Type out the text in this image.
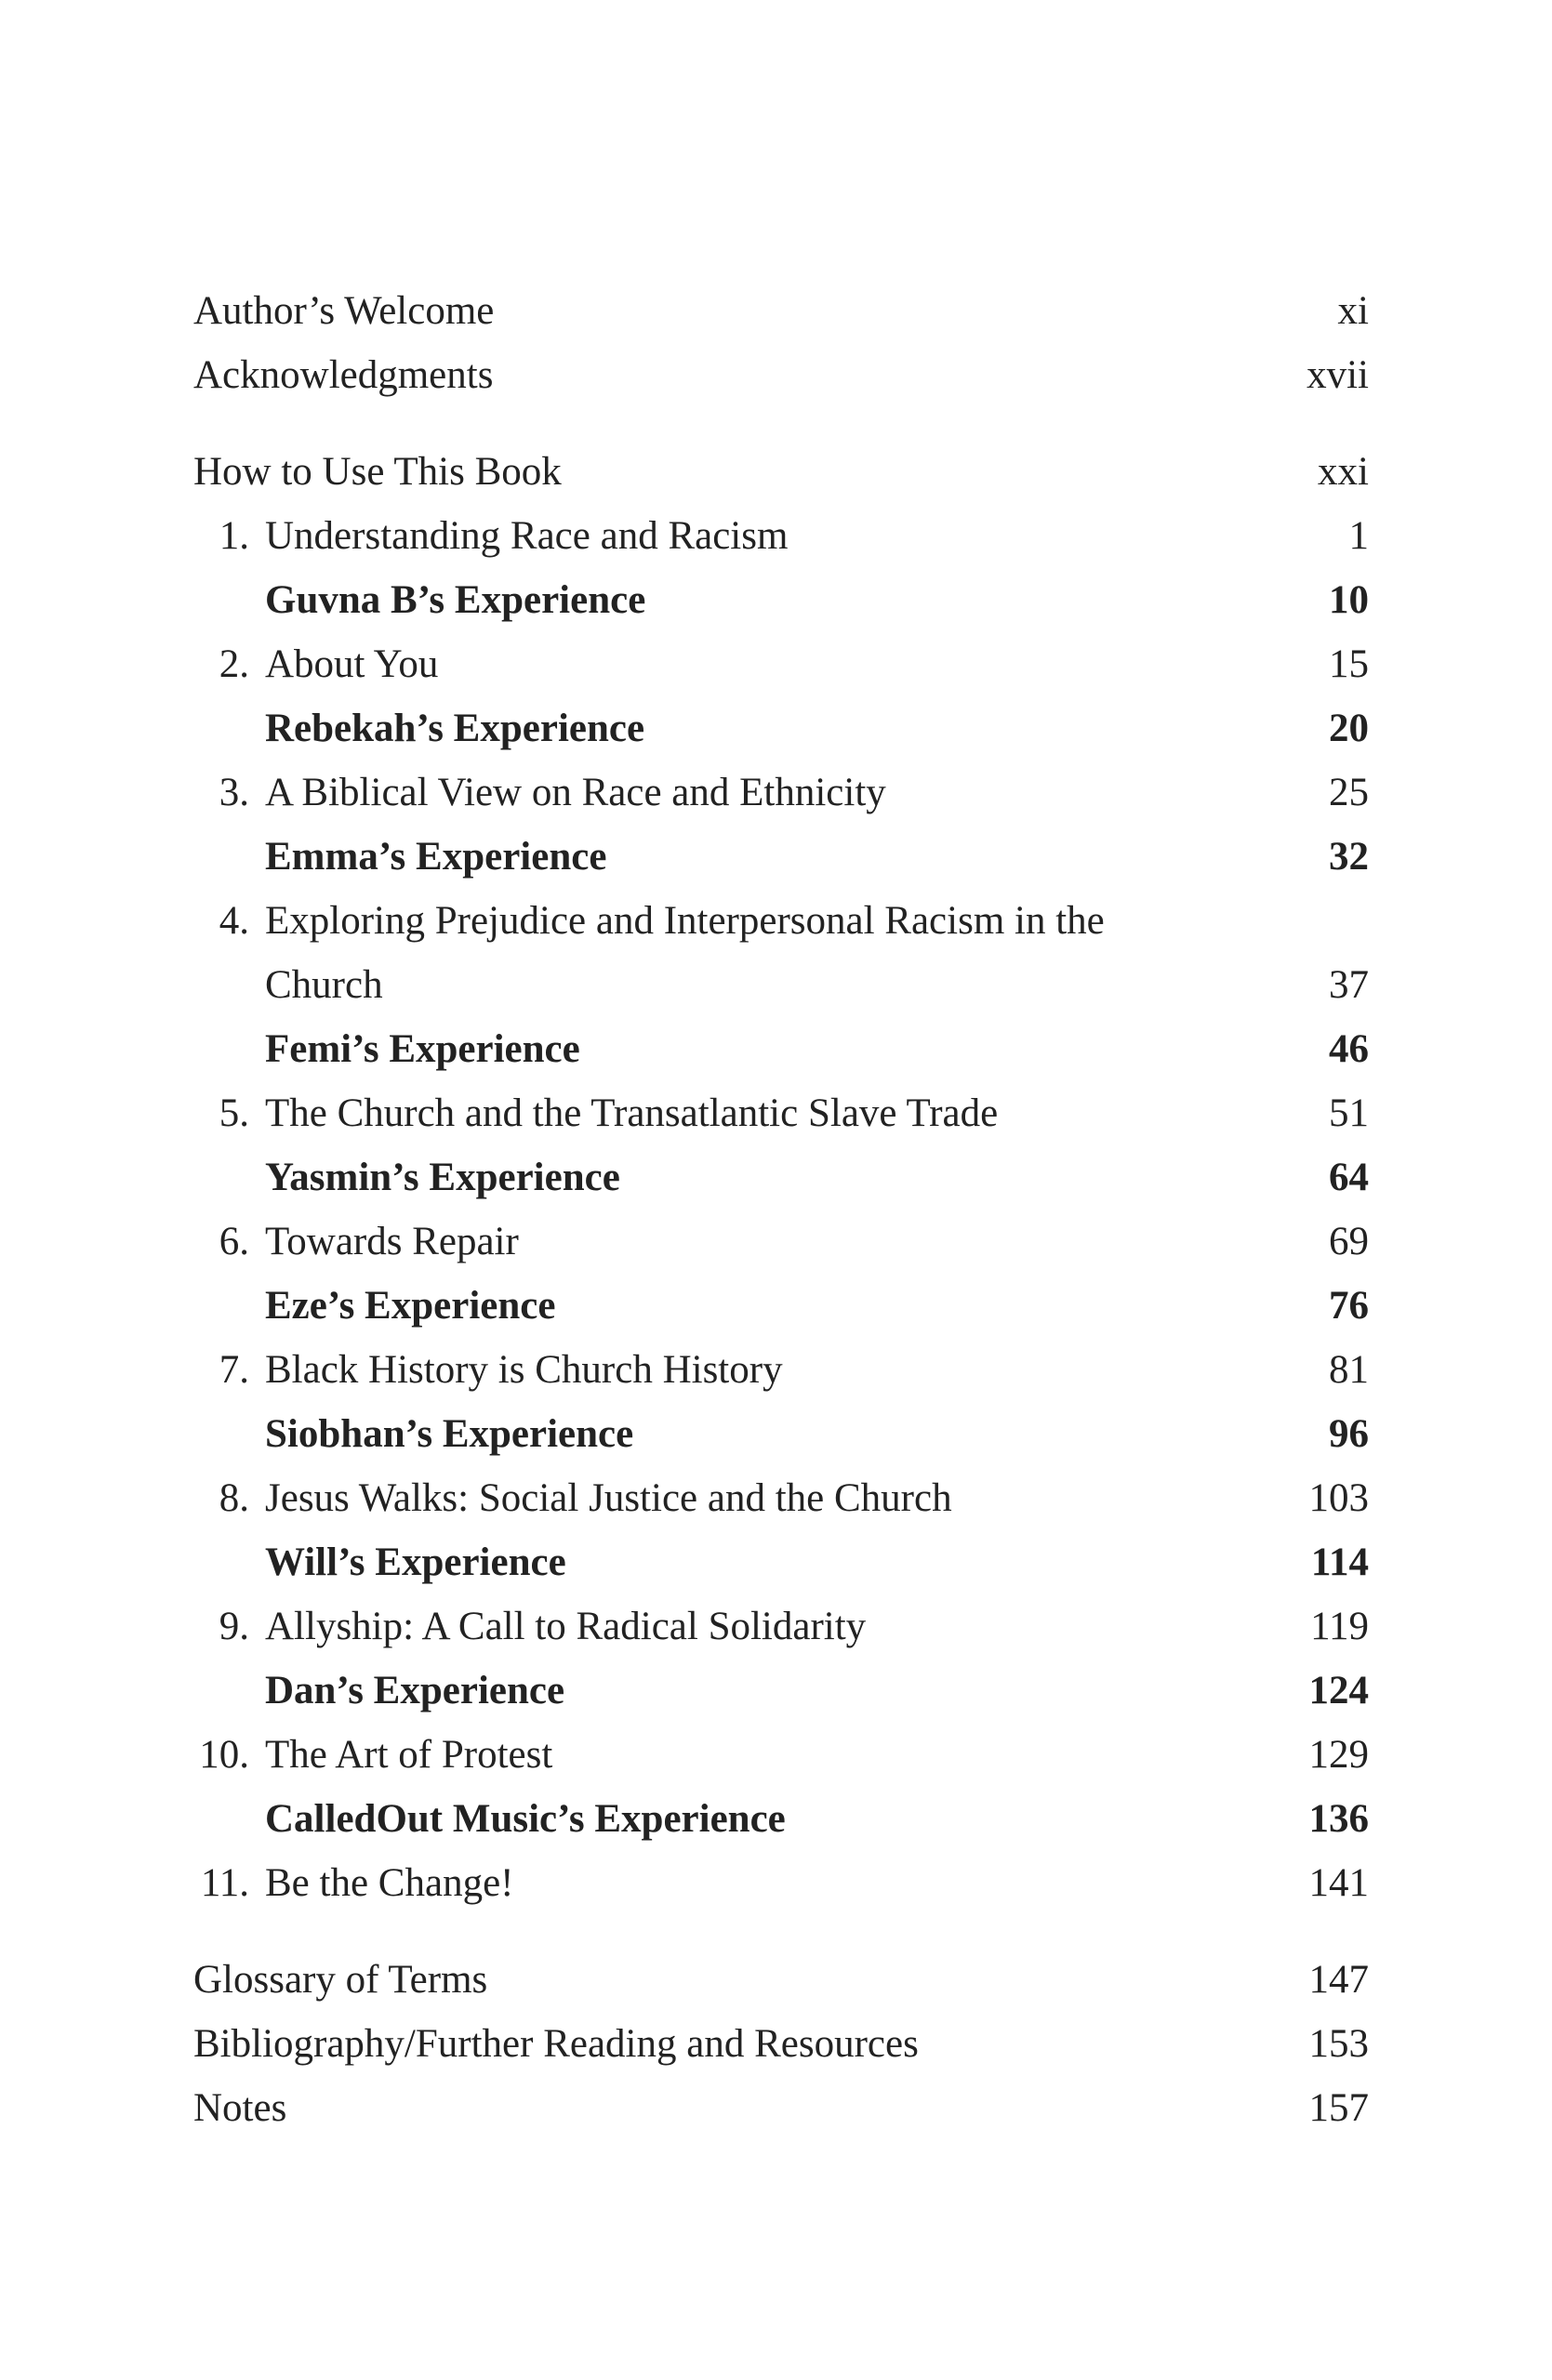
Author’s Welcome	xi
Acknowledgments	xvii
How to Use This Book	xxi
1. Understanding Race and Racism	1
Guvna B’s Experience	10
2. About You	15
Rebekah’s Experience	20
3. A Biblical View on Race and Ethnicity	25
Emma’s Experience	32
4. Exploring Prejudice and Interpersonal Racism in the
Church	37
Femi’s Experience	46
5. The Church and the Transatlantic Slave Trade	51
Yasmin’s Experience	64
6. Towards Repair	69
Eze’s Experience	76
7. Black History is Church History	81
Siobhan’s Experience	96
8. Jesus Walks: Social Justice and the Church	103
Will’s Experience	114
9. Allyship: A Call to Radical Solidarity	119
Dan’s Experience	124
10. The Art of Protest	129
CalledOut Music’s Experience	136
11. Be the Change!	141
Glossary of Terms	147
Bibliography/Further Reading and Resources	153
Notes	157
